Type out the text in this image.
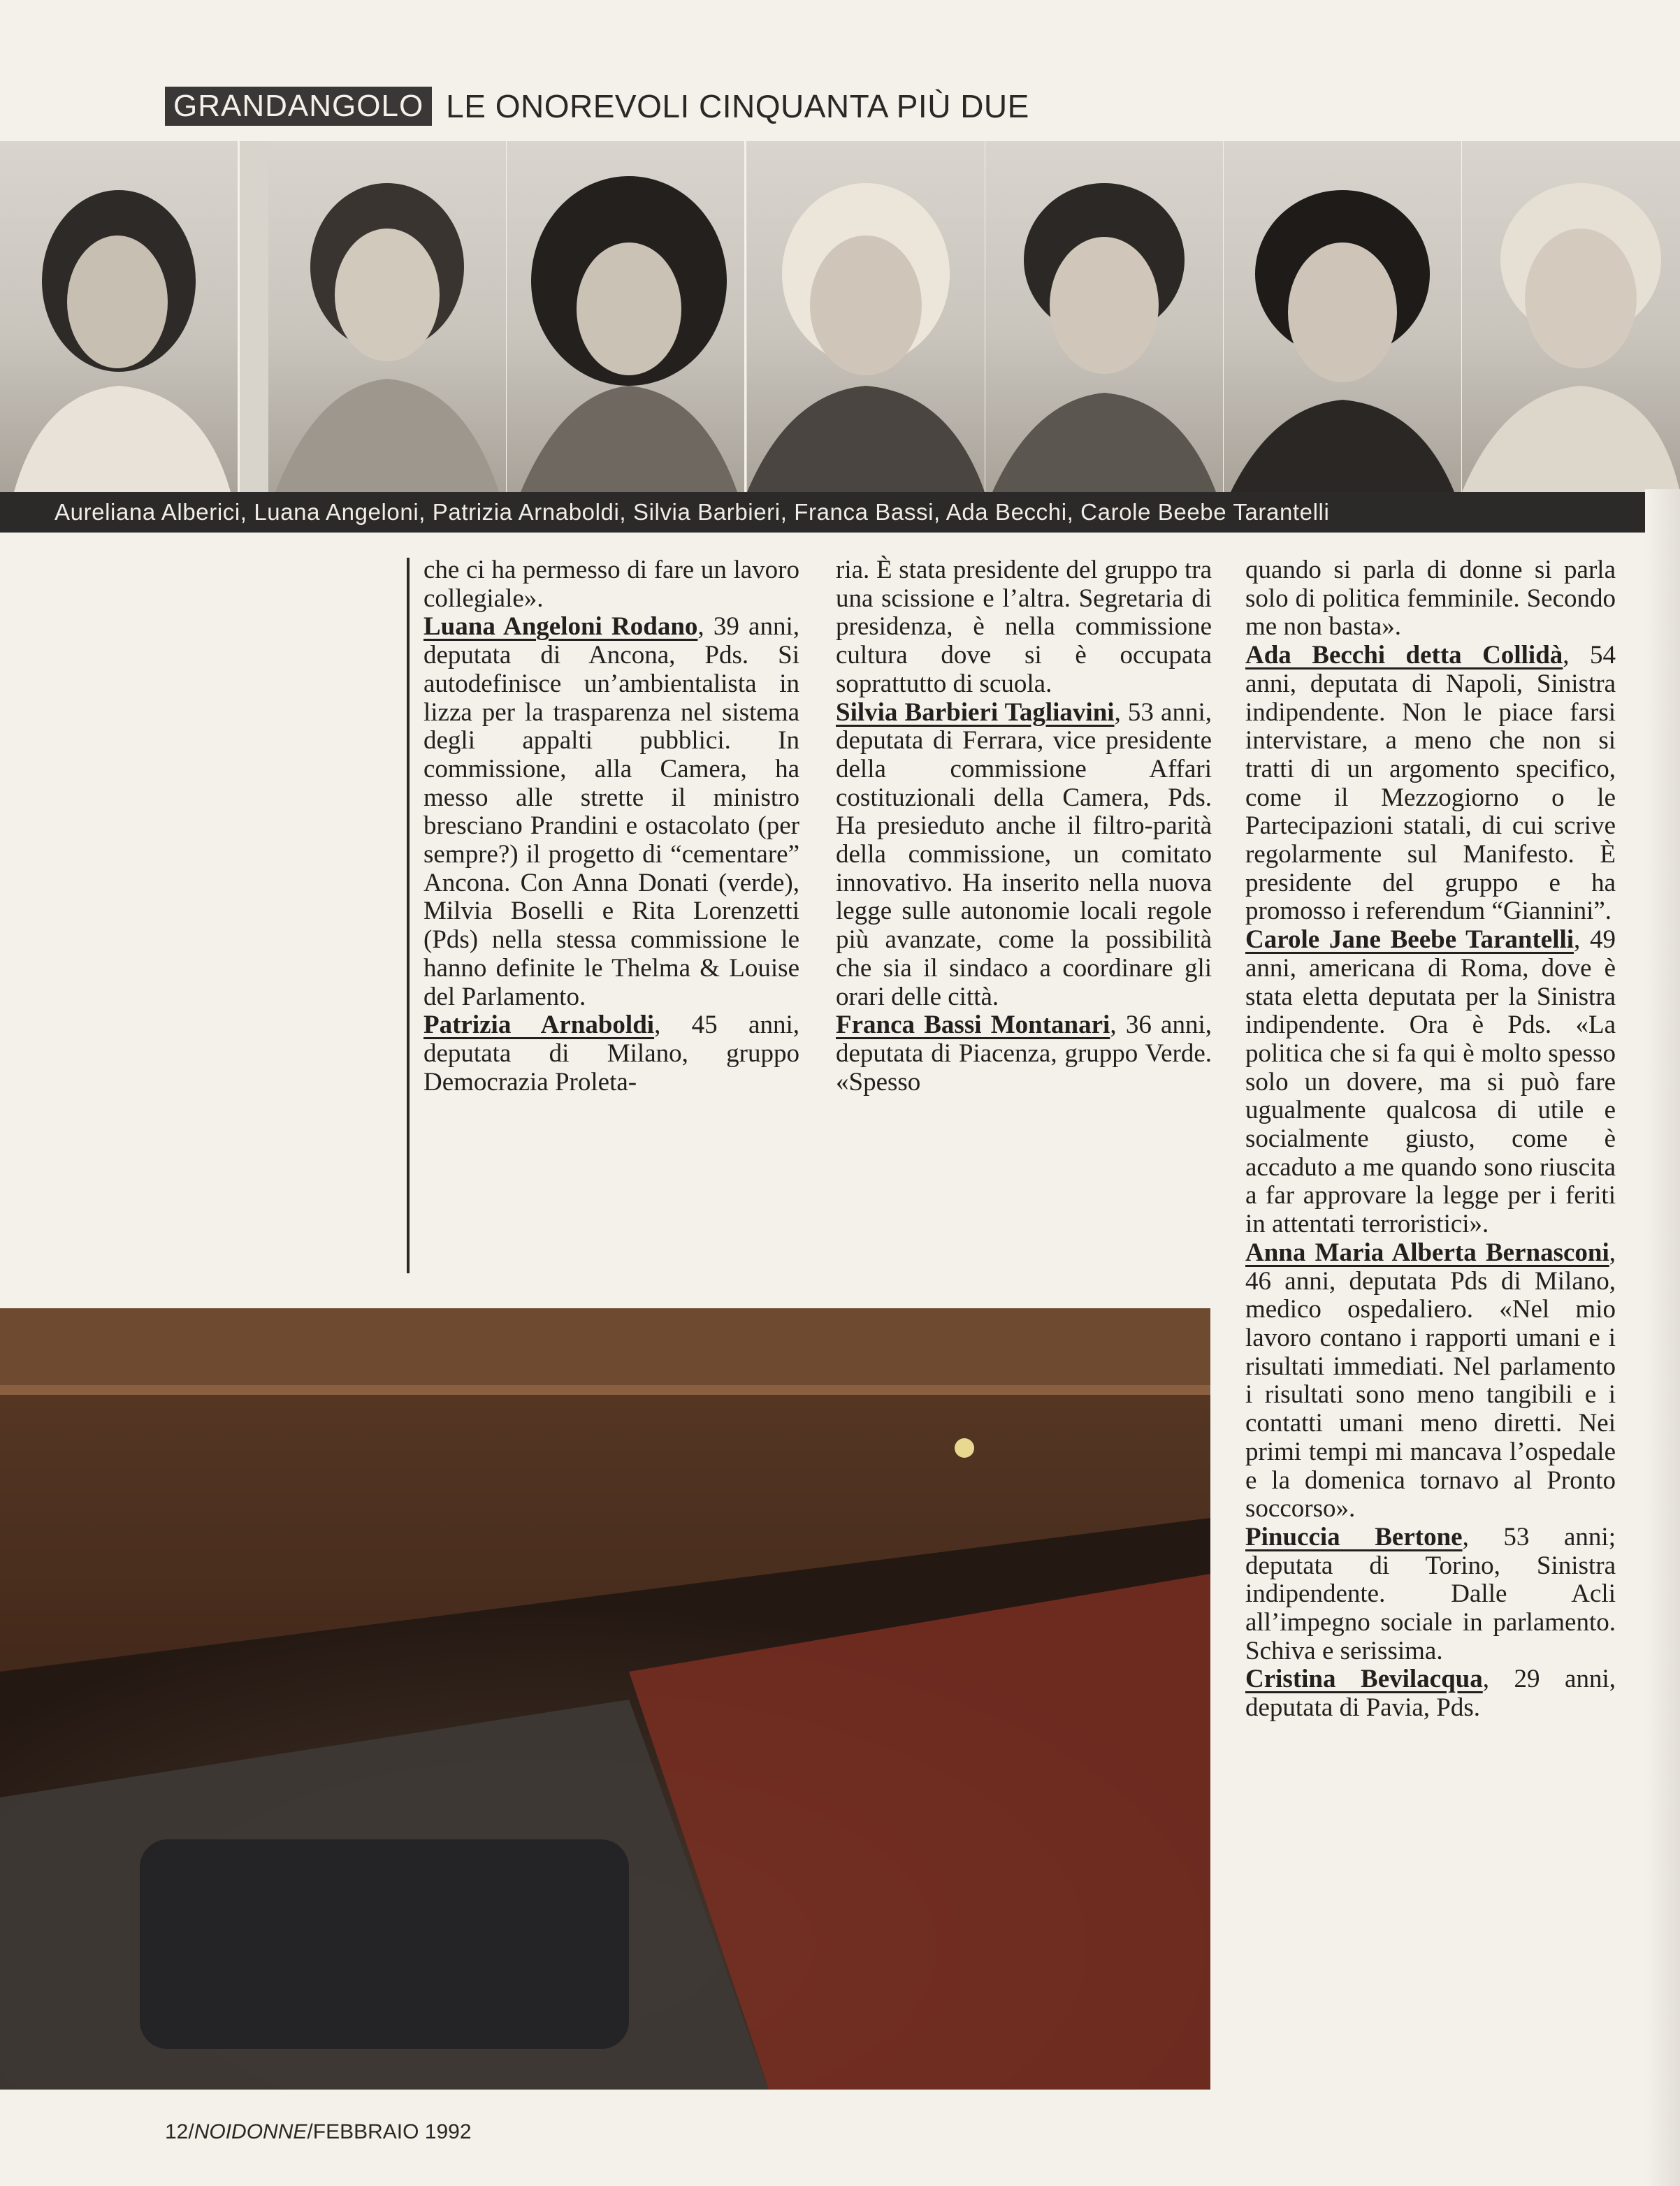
GRANDANGOLO LE ONOREVOLI CINQUANTA PIÙ DUE
Aureliana Alberici, Luana Angeloni, Patrizia Arnaboldi, Silvia Barbieri, Franca Bassi, Ada Becchi, Carole Beebe Tarantelli
che ci ha permesso di fare un lavoro collegiale».
Luana Angeloni Rodano, 39 anni, deputata di Ancona, Pds. Si autodefinisce un’ambientalista in lizza per la trasparenza nel sistema degli appalti pubblici. In commissione, alla Camera, ha messo alle strette il ministro bresciano Prandini e ostacolato (per sempre?) il progetto di “cementare” Ancona. Con Anna Donati (verde), Milvia Boselli e Rita Lorenzetti (Pds) nella stessa commissione le hanno definite le Thelma & Louise del Parlamento.
Patrizia Arnaboldi, 45 anni, deputata di Milano, gruppo Democrazia Proleta-
ria. È stata presidente del gruppo tra una scissione e l’altra. Segretaria di presidenza, è nella commissione cultura dove si è occupata soprattutto di scuola.
Silvia Barbieri Tagliavini, 53 anni, deputata di Ferrara, vice presidente della commissione Affari costituzionali della Camera, Pds. Ha presieduto anche il filtro-parità della commissione, un comitato innovativo. Ha inserito nella nuova legge sulle autonomie locali regole più avanzate, come la possibilità che sia il sindaco a coordinare gli orari delle città.
Franca Bassi Montanari, 36 anni, deputata di Piacenza, gruppo Verde. «Spesso
quando si parla di donne si parla solo di politica femminile. Secondo me non basta».
Ada Becchi detta Collidà, 54 anni, deputata di Napoli, Sinistra indipendente. Non le piace farsi intervistare, a meno che non si tratti di un argomento specifico, come il Mezzogiorno o le Partecipazioni statali, di cui scrive regolarmente sul Manifesto. È presidente del gruppo e ha promosso i referendum “Giannini”.
Carole Jane Beebe Tarantelli, 49 anni, americana di Roma, dove è stata eletta deputata per la Sinistra indipendente. Ora è Pds. «La politica che si fa qui è molto spesso solo un dovere, ma si può fare ugualmente qualcosa di utile e socialmente giusto, come è accaduto a me quando sono riuscita a far approvare la legge per i feriti in attentati terroristici».
Anna Maria Alberta Bernasconi, 46 anni, deputata Pds di Milano, medico ospedaliero. «Nel mio lavoro contano i rapporti umani e i risultati immediati. Nel parlamento i risultati sono meno tangibili e i contatti umani meno diretti. Nei primi tempi mi mancava l’ospedale e la domenica tornavo al Pronto soccorso».
Pinuccia Bertone, 53 anni; deputata di Torino, Sinistra indipendente. Dalle Acli all’impegno sociale in parlamento. Schiva e serissima.
Cristina Bevilacqua, 29 anni, deputata di Pavia, Pds.
12/NOIDONNE/FEBBRAIO 1992
